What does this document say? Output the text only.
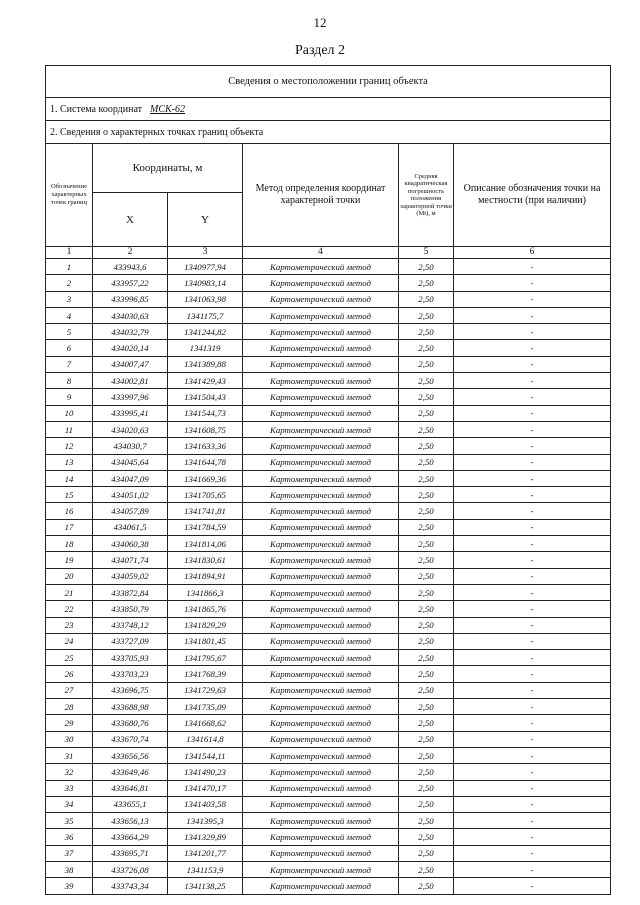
12
Раздел 2
Сведения о местоположении границ объекта					
1. Система координат МСК-62					
2. Сведения о характерных точках границ объекта					
Обозначение характерных точек границ	Координаты, м		Метод определения координат характерной точки	Средняя квадратическая погрешность положения характерной точки (Mt), м	Описание обозначения точки на местности (при наличии)
	X	Y			
1	2	3	4	5	6
1	433943,6	1340977,94	Картометрический метод	2,50	-
2	433957,22	1340983,14	Картометрический метод	2,50	-
3	433996,85	1341063,98	Картометрический метод	2,50	-
4	434030,63	1341175,7	Картометрический метод	2,50	-
5	434032,79	1341244,82	Картометрический метод	2,50	-
6	434020,14	1341319	Картометрический метод	2,50	-
7	434007,47	1341389,88	Картометрический метод	2,50	-
8	434002,81	1341429,43	Картометрический метод	2,50	-
9	433997,96	1341504,43	Картометрический метод	2,50	-
10	433995,41	1341544,73	Картометрический метод	2,50	-
11	434020,63	1341608,75	Картометрический метод	2,50	-
12	434030,7	1341633,36	Картометрический метод	2,50	-
13	434045,64	1341644,78	Картометрический метод	2,50	-
14	434047,09	1341669,36	Картометрический метод	2,50	-
15	434051,02	1341705,65	Картометрический метод	2,50	-
16	434057,89	1341741,81	Картометрический метод	2,50	-
17	434061,5	1341784,59	Картометрический метод	2,50	-
18	434060,38	1341814,06	Картометрический метод	2,50	-
19	434071,74	1341830,61	Картометрический метод	2,50	-
20	434059,02	1341894,91	Картометрический метод	2,50	-
21	433872,84	1341866,3	Картометрический метод	2,50	-
22	433850,79	1341865,76	Картометрический метод	2,50	-
23	433748,12	1341829,29	Картометрический метод	2,50	-
24	433727,09	1341801,45	Картометрический метод	2,50	-
25	433705,93	1341795,67	Картометрический метод	2,50	-
26	433703,23	1341768,39	Картометрический метод	2,50	-
27	433696,75	1341729,63	Картометрический метод	2,50	-
28	433688,98	1341735,09	Картометрический метод	2,50	-
29	433680,76	1341668,62	Картометрический метод	2,50	-
30	433670,74	1341614,8	Картометрический метод	2,50	-
31	433656,56	1341544,11	Картометрический метод	2,50	-
32	433649,46	1341490,23	Картометрический метод	2,50	-
33	433646,81	1341470,17	Картометрический метод	2,50	-
34	433655,1	1341403,58	Картометрический метод	2,50	-
35	433656,13	1341395,3	Картометрический метод	2,50	-
36	433664,29	1341329,89	Картометрический метод	2,50	-
37	433695,71	1341201,77	Картометрический метод	2,50	-
38	433726,08	1341153,9	Картометрический метод	2,50	-
39	433743,34	1341138,25	Картометрический метод	2,50	-
